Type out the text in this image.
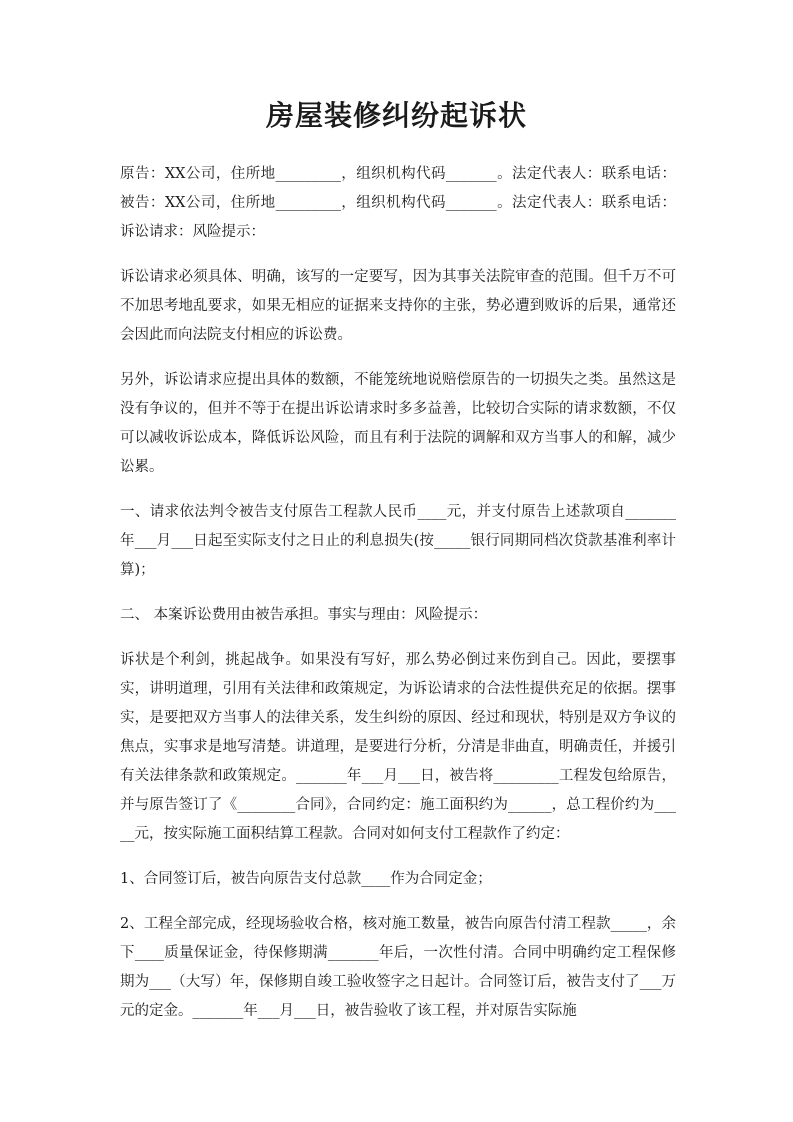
房屋装修纠纷起诉状

原告：XX公司，住所地_________，组织机构代码_______。法定代表人：联系电话：被告：XX公司，住所地_________，组织机构代码_______。法定代表人：联系电话：诉讼请求：风险提示：

诉讼请求必须具体、明确，该写的一定要写，因为其事关法院审查的范围。但千万不可不加思考地乱要求，如果无相应的证据来支持你的主张，势必遭到败诉的后果，通常还会因此而向法院支付相应的诉讼费。

另外，诉讼请求应提出具体的数额，不能笼统地说赔偿原告的一切损失之类。虽然这是没有争议的，但并不等于在提出诉讼请求时多多益善，比较切合实际的请求数额，不仅可以减收诉讼成本，降低诉讼风险，而且有利于法院的调解和双方当事人的和解，减少讼累。

一、请求依法判令被告支付原告工程款人民币____元，并支付原告上述款项自_______年___月___日起至实际支付之日止的利息损失(按_____银行同期同档次贷款基准利率计算)；

二、 本案诉讼费用由被告承担。事实与理由：风险提示：

诉状是个利剑，挑起战争。如果没有写好，那么势必倒过来伤到自己。因此，要摆事实，讲明道理，引用有关法律和政策规定，为诉讼请求的合法性提供充足的依据。摆事实，是要把双方当事人的法律关系，发生纠纷的原因、经过和现状，特别是双方争议的焦点，实事求是地写清楚。讲道理，是要进行分析，分清是非曲直，明确责任，并援引有关法律条款和政策规定。_______年___月___日，被告将_________工程发包给原告，并与原告签订了《________合同》，合同约定：施工面积约为______，总工程价约为_____元，按实际施工面积结算工程款。合同对如何支付工程款作了约定：

1、合同签订后，被告向原告支付总款____作为合同定金；

2、工程全部完成，经现场验收合格，核对施工数量，被告向原告付清工程款_____，余下____质量保证金，待保修期满_______年后，一次性付清。合同中明确约定工程保修期为___（大写）年，保修期自竣工验收签字之日起计。合同签订后，被告支付了___万元的定金。_______年___月___日，被告验收了该工程，并对原告实际施
